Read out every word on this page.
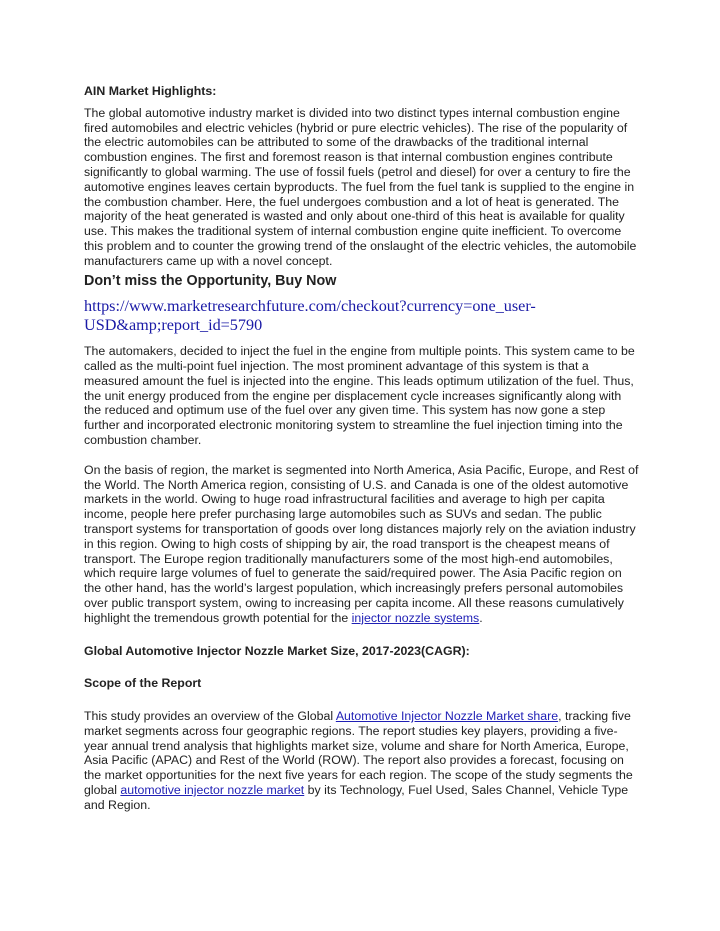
AIN Market Highlights:

The global automotive industry market is divided into two distinct types internal combustion engine fired automobiles and electric vehicles (hybrid or pure electric vehicles). The rise of the popularity of the electric automobiles can be attributed to some of the drawbacks of the traditional internal combustion engines. The first and foremost reason is that internal combustion engines contribute significantly to global warming. The use of fossil fuels (petrol and diesel) for over a century to fire the automotive engines leaves certain byproducts. The fuel from the fuel tank is supplied to the engine in the combustion chamber. Here, the fuel undergoes combustion and a lot of heat is generated. The majority of the heat generated is wasted and only about one-third of this heat is available for quality use. This makes the traditional system of internal combustion engine quite inefficient. To overcome this problem and to counter the growing trend of the onslaught of the electric vehicles, the automobile manufacturers came up with a novel concept.

Don’t miss the Opportunity, Buy Now

https://www.marketresearchfuture.com/checkout?currency=one_user-USD&amp;report_id=5790

The automakers, decided to inject the fuel in the engine from multiple points. This system came to be called as the multi-point fuel injection. The most prominent advantage of this system is that a measured amount the fuel is injected into the engine. This leads optimum utilization of the fuel. Thus, the unit energy produced from the engine per displacement cycle increases significantly along with the reduced and optimum use of the fuel over any given time. This system has now gone a step further and incorporated electronic monitoring system to streamline the fuel injection timing into the combustion chamber.

On the basis of region, the market is segmented into North America, Asia Pacific, Europe, and Rest of the World. The North America region, consisting of U.S. and Canada is one of the oldest automotive markets in the world. Owing to huge road infrastructural facilities and average to high per capita income, people here prefer purchasing large automobiles such as SUVs and sedan. The public transport systems for transportation of goods over long distances majorly rely on the aviation industry in this region. Owing to high costs of shipping by air, the road transport is the cheapest means of transport. The Europe region traditionally manufacturers some of the most high-end automobiles, which require large volumes of fuel to generate the said/required power. The Asia Pacific region on the other hand, has the world’s largest population, which increasingly prefers personal automobiles over public transport system, owing to increasing per capita income. All these reasons cumulatively highlight the tremendous growth potential for the injector nozzle systems.

Global Automotive Injector Nozzle Market Size, 2017-2023(CAGR):

Scope of the Report

This study provides an overview of the Global Automotive Injector Nozzle Market share, tracking five market segments across four geographic regions. The report studies key players, providing a five-year annual trend analysis that highlights market size, volume and share for North America, Europe, Asia Pacific (APAC) and Rest of the World (ROW). The report also provides a forecast, focusing on the market opportunities for the next five years for each region. The scope of the study segments the global automotive injector nozzle market by its Technology, Fuel Used, Sales Channel, Vehicle Type and Region.
